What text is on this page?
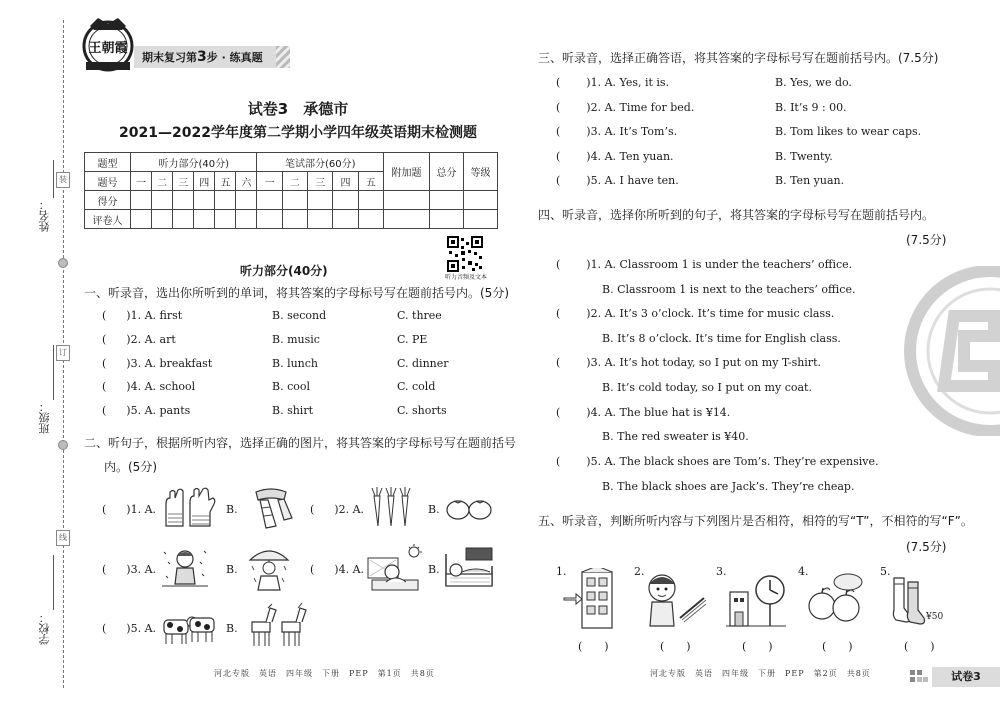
姓名：
班级：
学校：
装
订
线
王朝霞
期末复习第3步 · 练真题
试卷3　承德市
2021—2022学年度第二学期小学四年级英语期末检测题
题型	听力部分(40分)						笔试部分(60分)					附加题	总分	等级
题号	一	二	三	四	五	六	一	二	三	四	五			
得分														
评卷人														
听力音频及文本
听力部分(40分)
一、听录音，选出你所听到的单词，将其答案的字母标号写在题前括号内。(5分)
( )1. A. first	B. second	C. three
( )2. A. art	B. music	C. PE
( )3. A. breakfast	B. lunch	C. dinner
( )4. A. school	B. cool	C. cold
( )5. A. pants	B. shirt	C. shorts
二、听句子，根据所听内容，选择正确的图片，将其答案的字母标号写在题前括号
内。(5分)
( )1. A.	B.	( )2. A.	B.
( )3. A.	B.	( )4. A.	B.
( )5. A.	B.
河北专版　英语　四年级　下册　PEP　第1页　共8页
三、听录音，选择正确答语，将其答案的字母标号写在题前括号内。(7.5分)
( )1. A. Yes, it is.	B. Yes, we do.
( )2. A. Time for bed.	B. It’s 9 : 00.
( )3. A. It’s Tom’s.	B. Tom likes to wear caps.
( )4. A. Ten yuan.	B. Twenty.
( )5. A. I have ten.	B. Ten yuan.
四、听录音，选择你所听到的句子，将其答案的字母标号写在题前括号内。
(7.5分)
( )1. A. Classroom 1 is under the teachers’ office.
B. Classroom 1 is next to the teachers’ office.
( )2. A. It’s 3 o’clock. It’s time for music class.
B. It’s 8 o’clock. It’s time for English class.
( )3. A. It’s hot today, so I put on my T-shirt.
B. It’s cold today, so I put on my coat.
( )4. A. The blue hat is ¥14.
B. The red sweater is ¥40.
( )5. A. The black shoes are Tom’s. They’re expensive.
B. The black shoes are Jack’s. They’re cheap.
五、听录音，判断所听内容与下列图片是否相符，相符的写“T”，不相符的写“F”。
(7.5分)
1.	2.	3.	4.	5.
¥50
( )	( )	( )	( )	( )
河北专版　英语　四年级　下册　PEP　第2页　共8页	试卷3
